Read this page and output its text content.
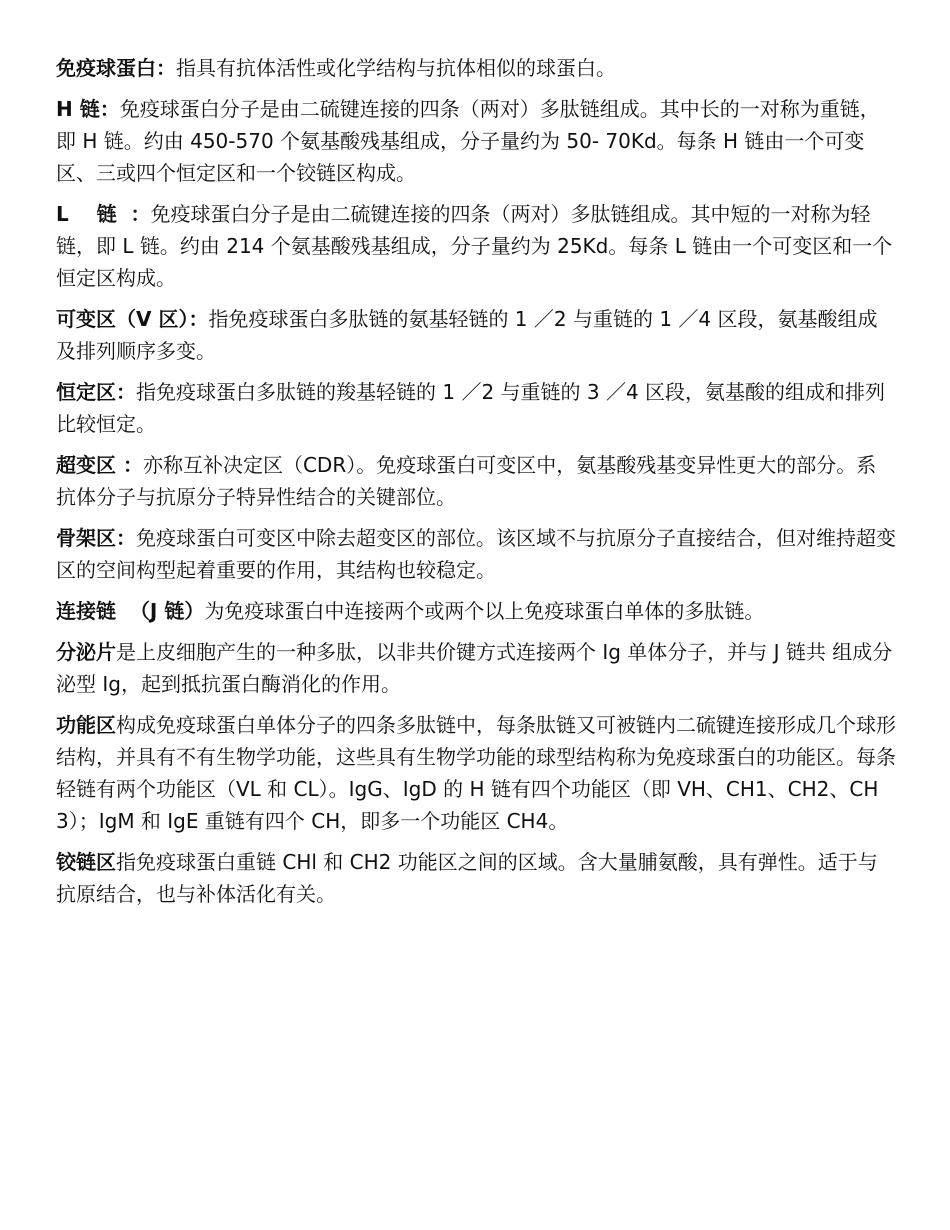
免疫球蛋白：指具有抗体活性或化学结构与抗体相似的球蛋白。

H 链：免疫球蛋白分子是由二硫键连接的四条（两对）多肽链组成。其中长的一对称为重链，即 H 链。约由 450-570 个氨基酸残基组成，分子量约为 50- 70Kd。每条 H 链由一个可变区、三或四个恒定区和一个铰链区构成。

L    链  ：免疫球蛋白分子是由二硫键连接的四条（两对）多肽链组成。其中短的一对称为轻链，即 L 链。约由 214 个氨基酸残基组成，分子量约为 25Kd。每条 L 链由一个可变区和一个恒定区构成。

可变区（V 区）：指免疫球蛋白多肽链的氨基轻链的 1 ／2 与重链的 1 ／4 区段，氨基酸组成及排列顺序多变。

恒定区：指免疫球蛋白多肽链的羧基轻链的 1 ／2 与重链的 3 ／4 区段，氨基酸的组成和排列比较恒定。

超变区 ：亦称互补决定区（CDR）。免疫球蛋白可变区中，氨基酸残基变异性更大的部分。系抗体分子与抗原分子特异性结合的关键部位。

骨架区：免疫球蛋白可变区中除去超变区的部位。该区域不与抗原分子直接结合，但对维持超变区的空间构型起着重要的作用，其结构也较稳定。

连接链  （J 链）为免疫球蛋白中连接两个或两个以上免疫球蛋白单体的多肽链。

分泌片是上皮细胞产生的一种多肽，以非共价键方式连接两个 Ig 单体分子，并与 J 链共 组成分泌型 Ig，起到抵抗蛋白酶消化的作用。

功能区构成免疫球蛋白单体分子的四条多肽链中，每条肽链又可被链内二硫键连接形成几个球形结构，并具有不有生物学功能，这些具有生物学功能的球型结构称为免疫球蛋白的功能区。每条轻链有两个功能区（VL 和 CL）。IgG、IgD 的 H 链有四个功能区（即 VH、CH1、CH2、CH3）；IgM 和 IgE 重链有四个 CH，即多一个功能区 CH4。

铰链区指免疫球蛋白重链 CHl 和 CH2 功能区之间的区域。含大量脯氨酸，具有弹性。适于与抗原结合，也与补体活化有关。
